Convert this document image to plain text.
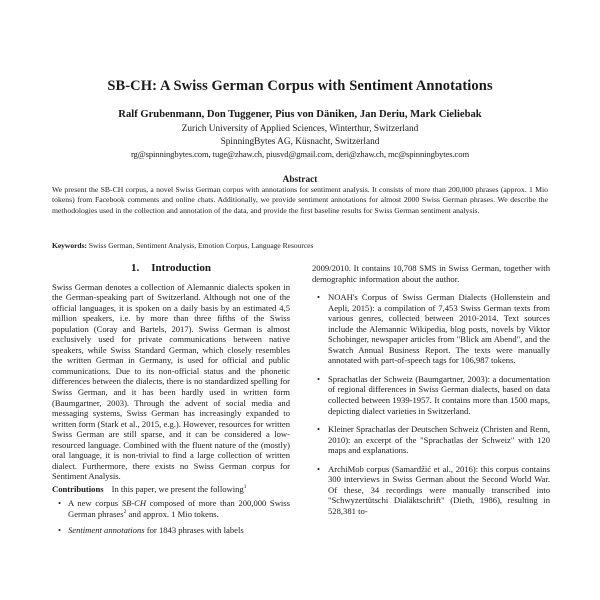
SB-CH: A Swiss German Corpus with Sentiment Annotations
Ralf Grubenmann, Don Tuggener, Pius von Däniken, Jan Deriu, Mark Cieliebak
Zurich University of Applied Sciences, Winterthur, Switzerland
SpinningBytes AG, Küsnacht, Switzerland
rg@spinningbytes.com, tuge@zhaw.ch, piusvd@gmail.com, deri@zhaw.ch, mc@spinningbytes.com
Abstract
We present the SB-CH corpus, a novel Swiss German corpus with annotations for sentiment analysis. It consists of more than 200,000 phrases (approx. 1 Mio tokens) from Facebook comments and online chats. Additionally, we provide sentiment annotations for almost 2000 Swiss German phrases. We describe the methodologies used in the collection and annotation of the data, and provide the first baseline results for Swiss German sentiment analysis.
Keywords: Swiss German, Sentiment Analysis, Emotion Corpus, Language Resources
1. Introduction

Swiss German denotes a collection of Alemannic dialects spoken in the German-speaking part of Switzerland. Although not one of the official languages, it is spoken on a daily basis by an estimated 4,5 million speakers, i.e. by more than three fifths of the Swiss population (Coray and Bartels, 2017). Swiss German is almost exclusively used for private communications between native speakers, while Swiss Standard German, which closely resembles the written German in Germany, is used for official and public communications. Due to its non-official status and the phonetic differences between the dialects, there is no standardized spelling for Swiss German, and it has been hardly used in written form (Baumgartner, 2003). Through the advent of social media and messaging systems, Swiss German has increasingly expanded to written form (Stark et al., 2015, e.g.). However, resources for written Swiss German are still sparse, and it can be considered a low-resourced language. Combined with the fluent nature of the (mostly) oral language, it is non-trivial to find a large collection of written dialect. Furthermore, there exists no Swiss German corpus for Sentiment Analysis.

Contributions In this paper, we present the following$^1$

• A new corpus SB-CH composed of more than 200,000 Swiss German phrases$^2$ and approx. 1 Mio tokens.
• Sentiment annotations for 1843 phrases with labels

2009/2010. It contains 10,708 SMS in Swiss German, together with demographic information about the author.

• NOAH's Corpus of Swiss German Dialects (Hollenstein and Aepli, 2015): a compilation of 7,453 Swiss German texts from various genres, collected between 2010-2014. Text sources include the Alemannic Wikipedia, blog posts, novels by Viktor Schobinger, newspaper articles from "Blick am Abend", and the Swatch Annual Business Report. The texts were manually annotated with part-of-speech tags for 106,987 tokens.
• Sprachatlas der Schweiz (Baumgartner, 2003): a documentation of regional differences in Swiss German dialects, based on data collected between 1939-1957. It contains more than 1500 maps, depicting dialect varieties in Switzerland.
• Kleiner Sprachatlas der Deutschen Schweiz (Christen and Renn, 2010): an excerpt of the "Sprachatlas der Schweiz" with 120 maps and explanations.
• ArchiMob corpus (Samardžić et al., 2016): this corpus contains 300 interviews in Swiss German about the Second World War. Of these, 34 recordings were manually transcribed into "Schwyzertütschi Dialäktschrift" (Dieth, 1986), resulting in 528,381 to-
